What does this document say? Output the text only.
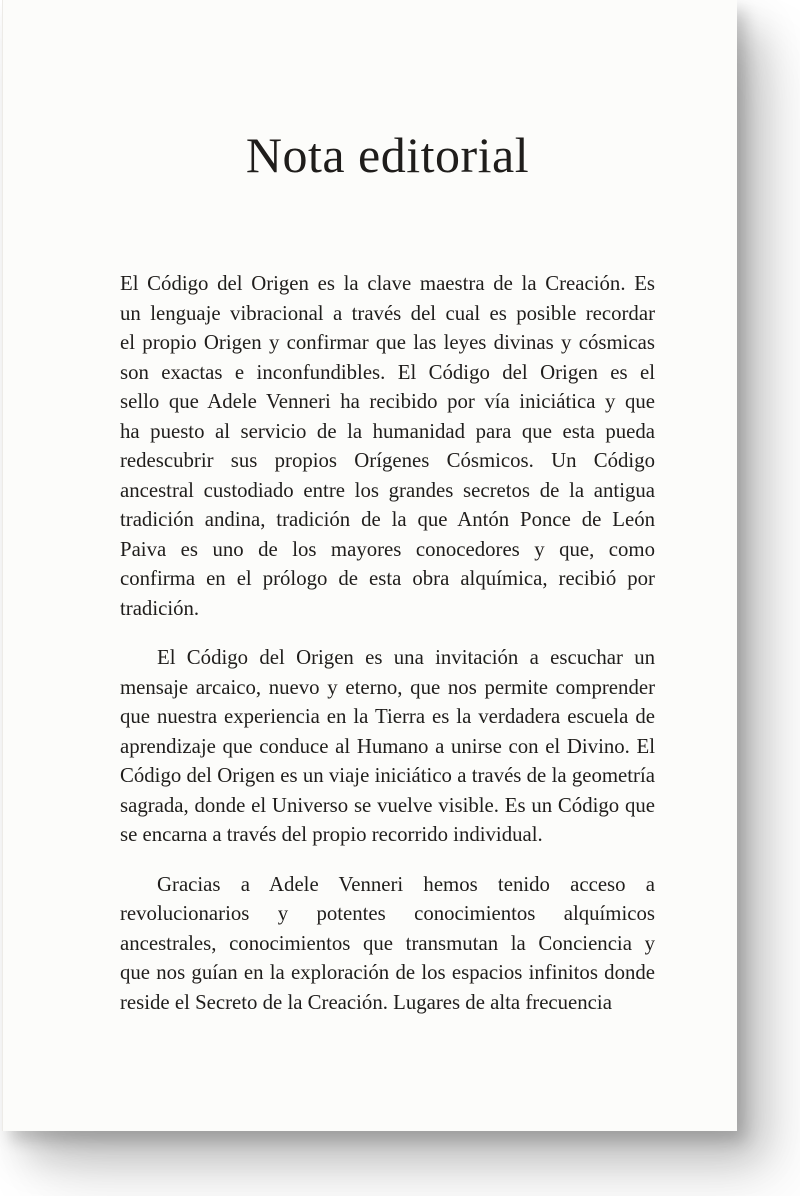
Nota editorial
El Código del Origen es la clave maestra de la Creación. Es
un lenguaje vibracional a través del cual es posible recordar
el propio Origen y confirmar que las leyes divinas y cósmicas
son exactas e inconfundibles. El Código del Origen es el
sello que Adele Venneri ha recibido por vía iniciática y que
ha puesto al servicio de la humanidad para que esta pueda
redescubrir sus propios Orígenes Cósmicos. Un Código
ancestral custodiado entre los grandes secretos de la antigua
tradición andina, tradición de la que Antón Ponce de León
Paiva es uno de los mayores conocedores y que, como
confirma en el prólogo de esta obra alquímica, recibió por
tradición.
El Código del Origen es una invitación a escuchar un
mensaje arcaico, nuevo y eterno, que nos permite comprender
que nuestra experiencia en la Tierra es la verdadera escuela de
aprendizaje que conduce al Humano a unirse con el Divino. El
Código del Origen es un viaje iniciático a través de la geometría
sagrada, donde el Universo se vuelve visible. Es un Código que
se encarna a través del propio recorrido individual.
Gracias a Adele Venneri hemos tenido acceso a
revolucionarios y potentes conocimientos alquímicos
ancestrales, conocimientos que transmutan la Conciencia y
que nos guían en la exploración de los espacios infinitos donde
reside el Secreto de la Creación. Lugares de alta frecuencia
